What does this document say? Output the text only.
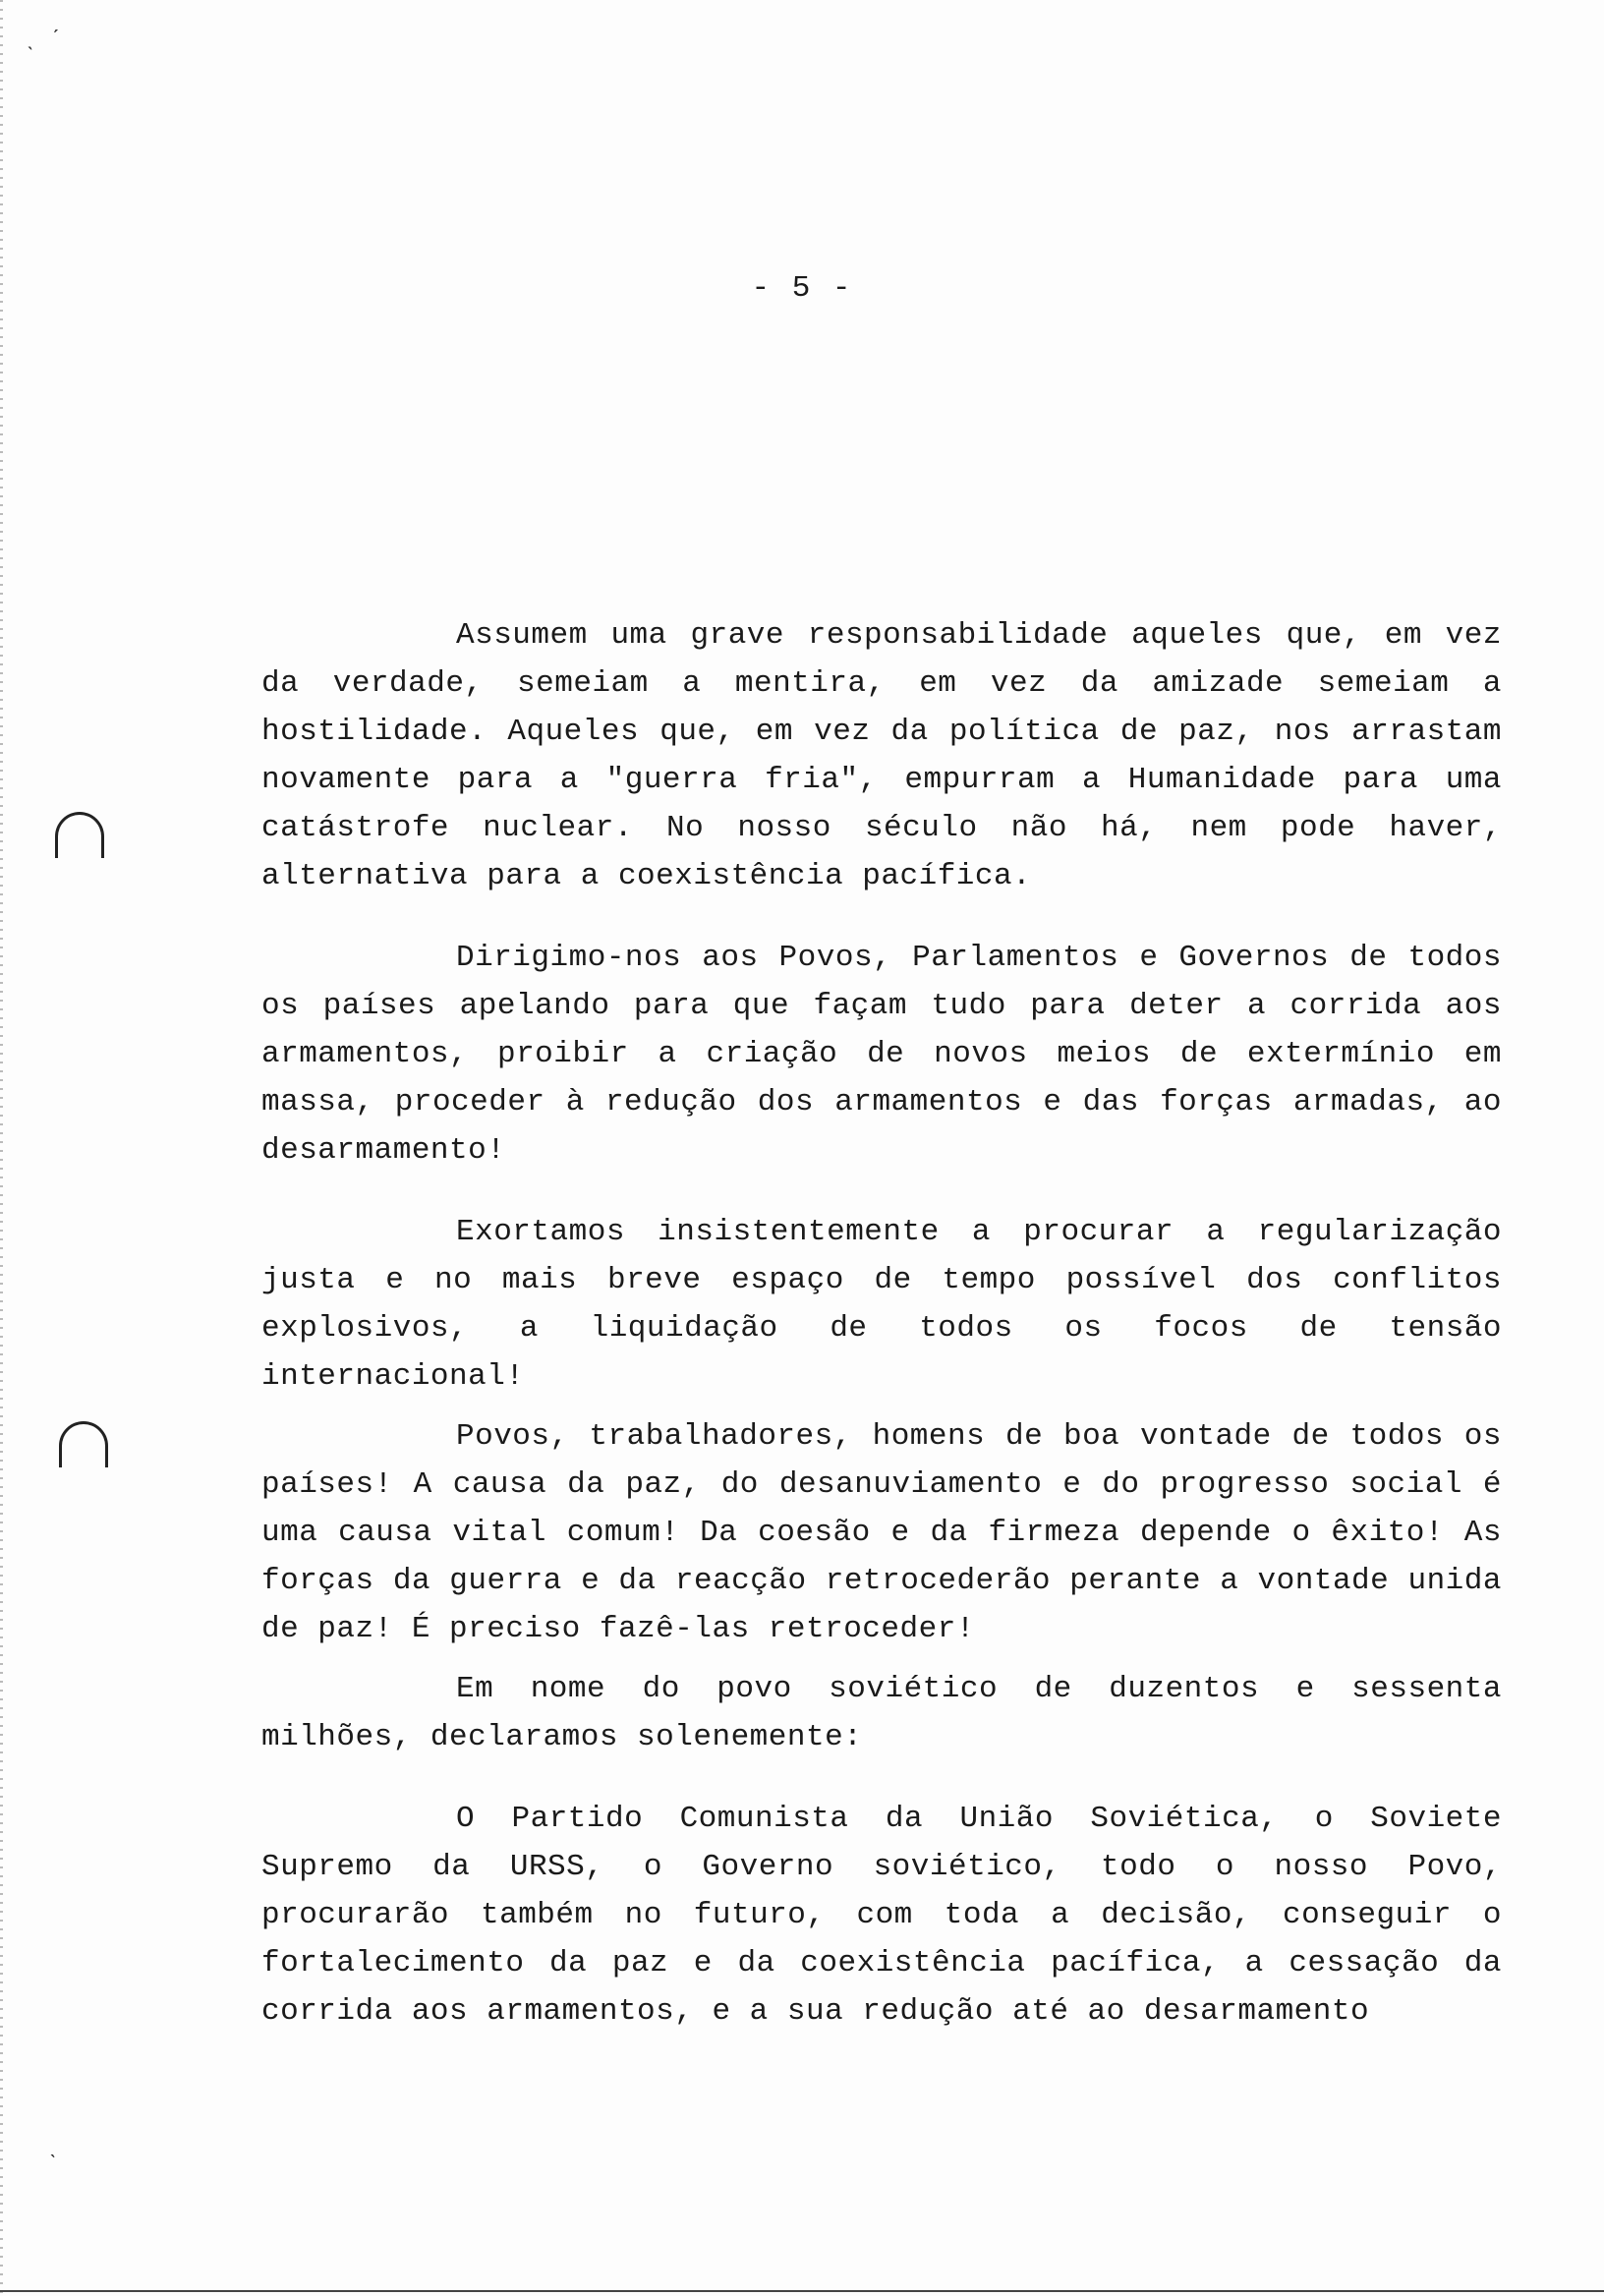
ˎ ˊ
ˋ
- 5 -

Assumem uma grave responsabilidade aqueles que, em vez da verdade, semeiam a mentira, em vez da amizade semeiam a hostilidade. Aqueles que, em vez da política de paz, nos arrastam novamente para a "guerra fria", empurram a Humanidade para uma catástrofe nuclear. No nosso século não há, nem pode haver, alternativa para a coexistência pacífica.

Dirigimo-nos aos Povos, Parlamentos e Governos de todos os países apelando para que façam tudo para deter a corrida aos armamentos, proibir a criação de novos meios de extermínio em massa, proceder à redução dos armamentos e das forças armadas, ao desarmamento!

Exortamos insistentemente a procurar a regularização justa e no mais breve espaço de tempo possível dos conflitos explosivos, a liquidação de todos os focos de tensão internacional!

Povos, trabalhadores, homens de boa vontade de todos os países! A causa da paz, do desanuviamento e do progresso social é uma causa vital comum! Da coesão e da firmeza depende o êxito! As forças da guerra e da reacção retrocederão perante a vontade unida de paz! É preciso fazê-las retroceder!

Em nome do povo soviético de duzentos e sessenta milhões, declaramos solenemente:

O Partido Comunista da União Soviética, o Soviete Supremo da URSS, o Governo soviético, todo o nosso Povo, procurarão também no futuro, com toda a decisão, conseguir o fortalecimento da paz e da coexistência pacífica, a cessação da corrida aos armamentos, e a sua redução até ao desarmamento
